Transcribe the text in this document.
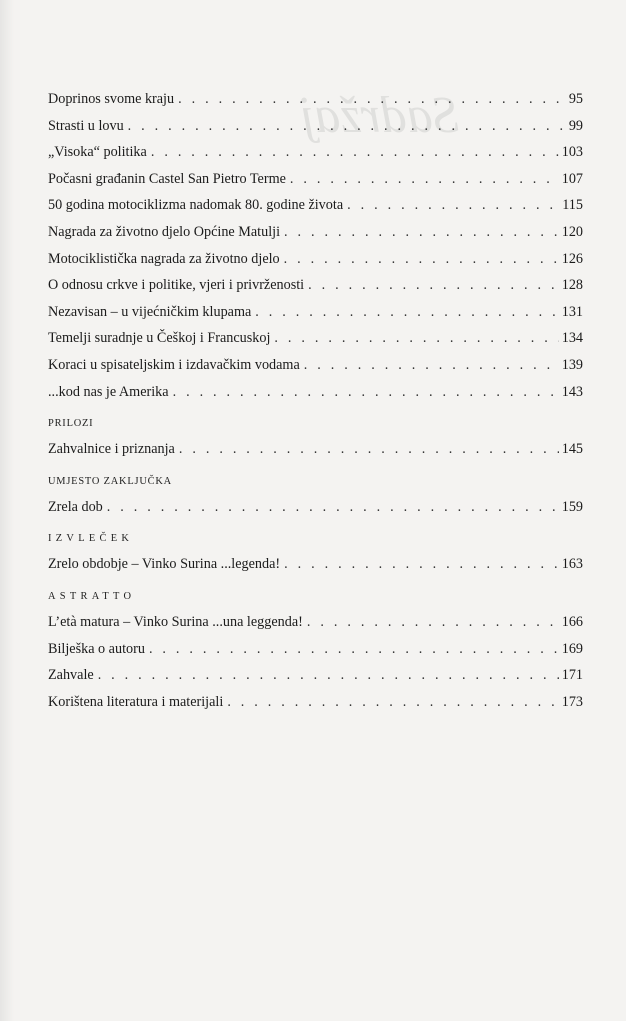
Sadržaj
Doprinos svome kraju . . .	95
Strasti u lovu . . .	99
„Visoka“ politika . . .	103
Počasni građanin Castel San Pietro Terme . . .	107
50 godina motociklizma nadomak 80. godine života . . .	115
Nagrada za životno djelo Općine Matulji . . .	120
Motociklistička nagrada za životno djelo . . .	126
O odnosu crkve i politike, vjeri i privrženosti . . .	128
Nezavisan – u vijećničkim klupama . . .	131
Temelji suradnje u Češkoj i Francuskoj . . .	134
Koraci u spisateljskim i izdavačkim vodama . . .	139
...kod nas je Amerika . . .	143
PRILOZI
Zahvalnice i priznanja . . .	145
UMJESTO ZAKLJUČKA
Zrela dob . . .	159
IZVLEČEK
Zrelo obdobje – Vinko Surina ...legenda! . . .	163
ASTRATTO
L’età matura – Vinko Surina ...una leggenda! . . .	166
Bilješka o autoru . . .	169
Zahvale . . .	171
Korištena literatura i materijali . . .	173
